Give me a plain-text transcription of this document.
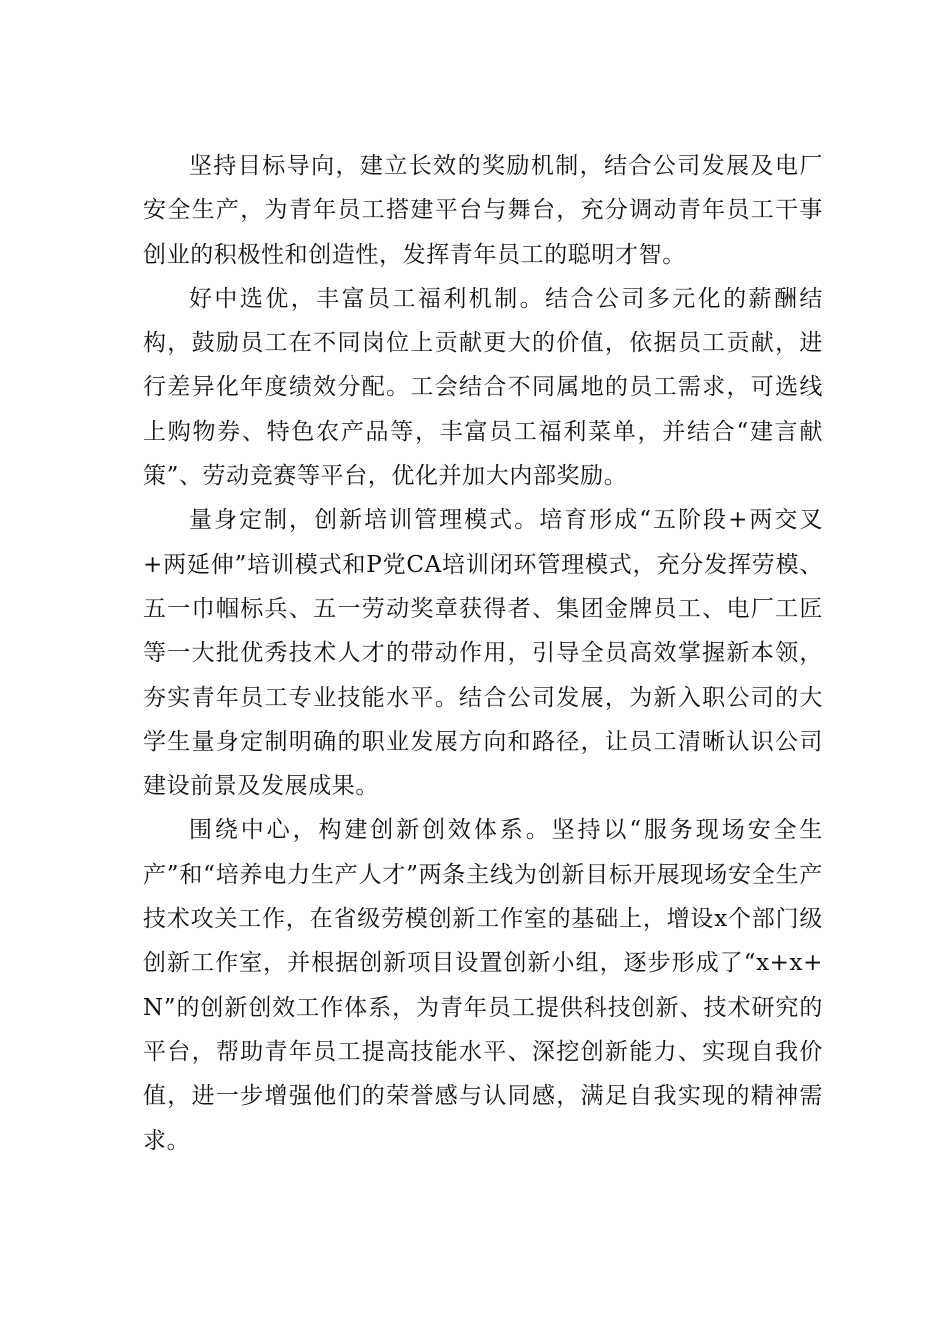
坚持目标导向，建立长效的奖励机制，结合公司发展及电厂安全生产，为青年员工搭建平台与舞台，充分调动青年员工干事创业的积极性和创造性，发挥青年员工的聪明才智。

好中选优，丰富员工福利机制。结合公司多元化的薪酬结构，鼓励员工在不同岗位上贡献更大的价值，依据员工贡献，进行差异化年度绩效分配。工会结合不同属地的员工需求，可选线上购物券、特色农产品等，丰富员工福利菜单，并结合“建言献策”、劳动竞赛等平台，优化并加大内部奖励。

量身定制，创新培训管理模式。培育形成“五阶段+两交叉+两延伸”培训模式和P党CA培训闭环管理模式，充分发挥劳模、五一巾帼标兵、五一劳动奖章获得者、集团金牌员工、电厂工匠等一大批优秀技术人才的带动作用，引导全员高效掌握新本领，夯实青年员工专业技能水平。结合公司发展，为新入职公司的大学生量身定制明确的职业发展方向和路径，让员工清晰认识公司建设前景及发展成果。

围绕中心，构建创新创效体系。坚持以“服务现场安全生产”和“培养电力生产人才”两条主线为创新目标开展现场安全生产技术攻关工作，在省级劳模创新工作室的基础上，增设x个部门级创新工作室，并根据创新项目设置创新小组，逐步形成了“x+x+N”的创新创效工作体系，为青年员工提供科技创新、技术研究的平台，帮助青年员工提高技能水平、深挖创新能力、实现自我价值，进一步增强他们的荣誉感与认同感，满足自我实现的精神需求。
